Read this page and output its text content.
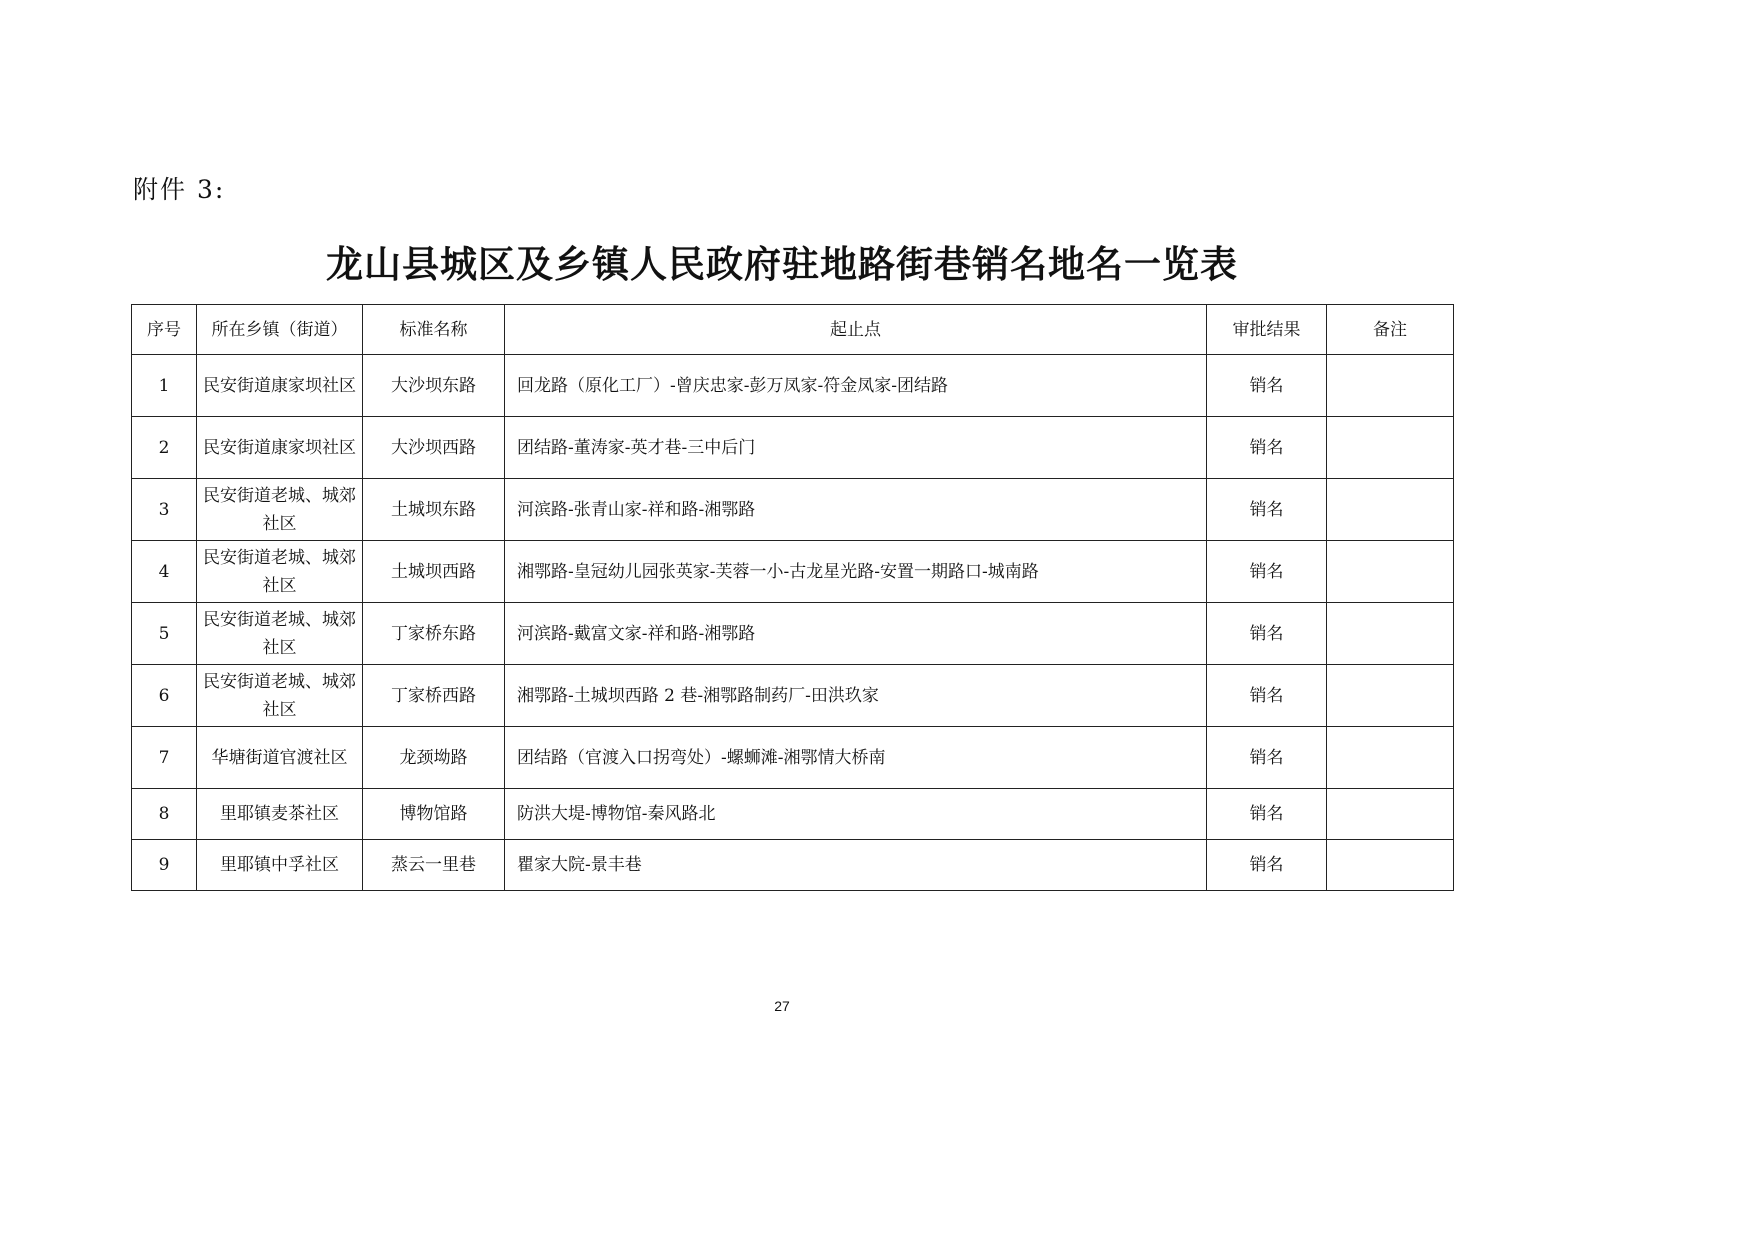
附件 3:
龙山县城区及乡镇人民政府驻地路街巷销名地名一览表
序号	所在乡镇（街道）	标准名称	起止点	审批结果	备注
1	民安街道康家坝社区	大沙坝东路	回龙路（原化工厂）-曾庆忠家-彭万凤家-符金凤家-团结路	销名	
2	民安街道康家坝社区	大沙坝西路	团结路-董涛家-英才巷-三中后门	销名	
3	民安街道老城、城郊社区	土城坝东路	河滨路-张青山家-祥和路-湘鄂路	销名	
4	民安街道老城、城郊社区	土城坝西路	湘鄂路-皇冠幼儿园张英家-芙蓉一小-古龙星光路-安置一期路口-城南路	销名	
5	民安街道老城、城郊社区	丁家桥东路	河滨路-戴富文家-祥和路-湘鄂路	销名	
6	民安街道老城、城郊社区	丁家桥西路	湘鄂路-土城坝西路 2 巷-湘鄂路制药厂-田洪玖家	销名	
7	华塘街道官渡社区	龙颈坳路	团结路（官渡入口拐弯处）-螺蛳滩-湘鄂情大桥南	销名	
8	里耶镇麦茶社区	博物馆路	防洪大堤-博物馆-秦风路北	销名	
9	里耶镇中孚社区	蒸云一里巷	瞿家大院-景丰巷	销名	
27
